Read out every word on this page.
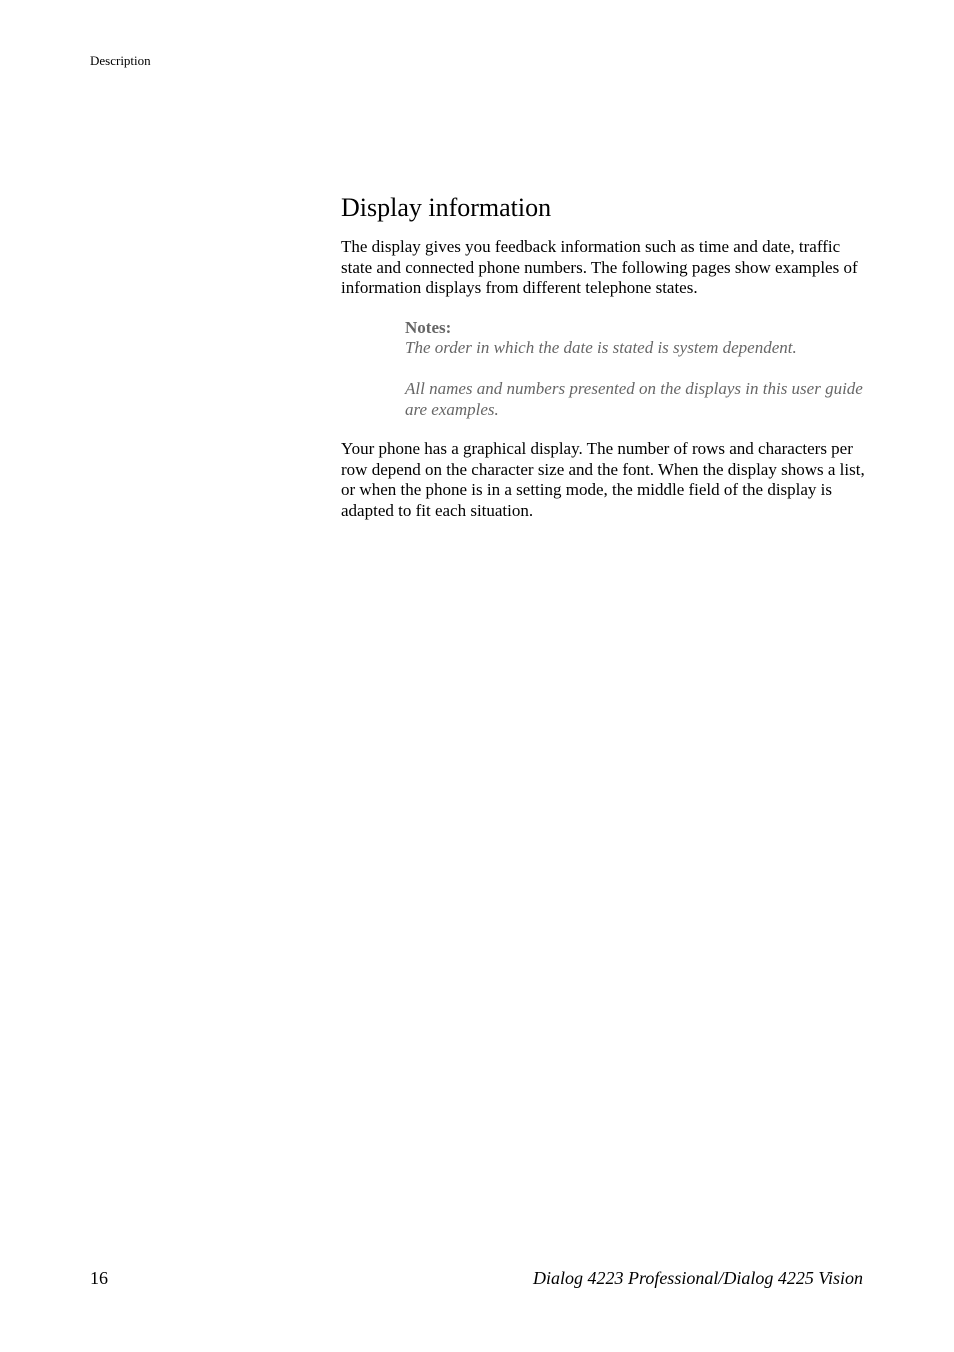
Description
Display information

The display gives you feedback information such as time and date, traffic state and connected phone numbers. The following pages show examples of information displays from different telephone states.

Notes:

The order in which the date is stated is system dependent.

All names and numbers presented on the displays in this user guide are examples.

Your phone has a graphical display. The number of rows and characters per row depend on the character size and the font. When the display shows a list, or when the phone is in a setting mode, the middle field of the display is adapted to fit each situation.

16	Dialog 4223 Professional/Dialog 4225 Vision
